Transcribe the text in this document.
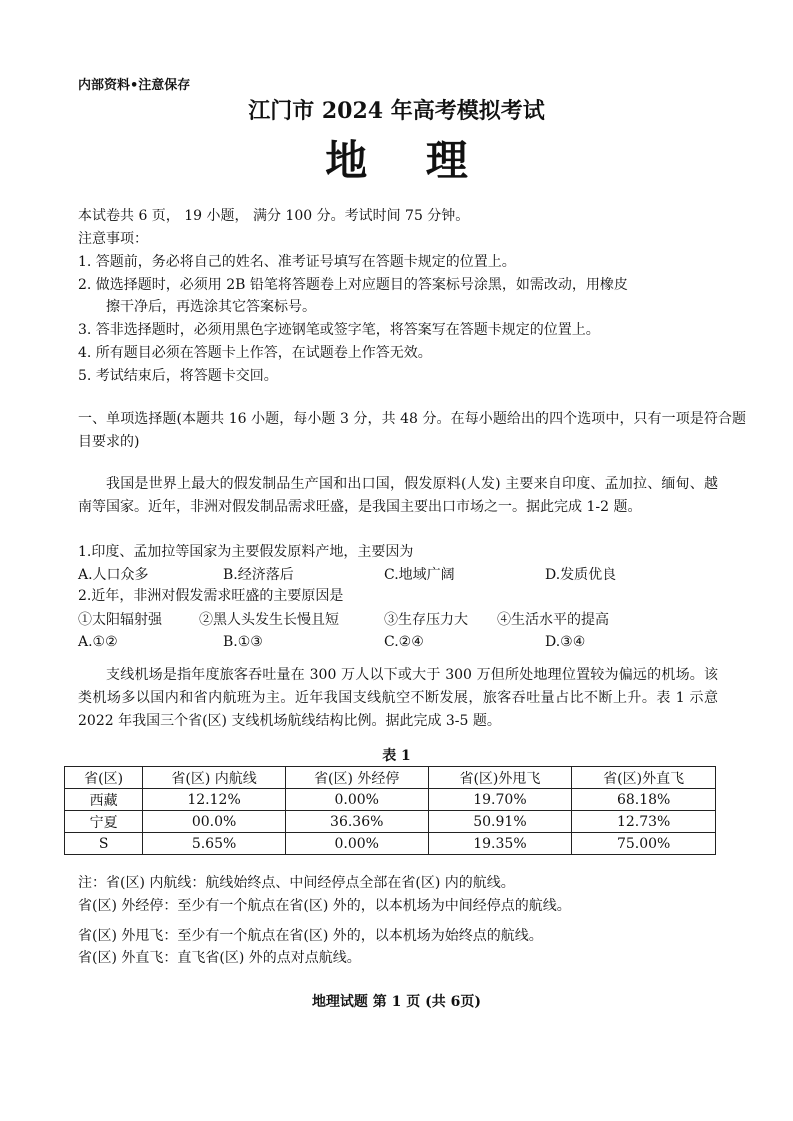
内部资料•注意保存
江门市 2024 年高考模拟考试
地 理
本试卷共 6 页， 19 小题， 满分 100 分。考试时间 75 分钟。
注意事项：
1. 答题前，务必将自己的姓名、准考证号填写在答题卡规定的位置上。
2. 做选择题时，必须用 2B 铅笔将答题卷上对应题目的答案标号涂黑，如需改动，用橡皮
擦干净后，再选涂其它答案标号。
3. 答非选择题时，必须用黑色字迹钢笔或签字笔，将答案写在答题卡规定的位置上。
4. 所有题目必须在答题卡上作答，在试题卷上作答无效。
5. 考试结束后，将答题卡交回。
一、单项选择题(本题共 16 小题，每小题 3 分，共 48 分。在每小题给出的四个选项中，只有一项是符合题目要求的)
我国是世界上最大的假发制品生产国和出口国，假发原料(人发) 主要来自印度、孟加拉、缅甸、越南等国家。近年，非洲对假发制品需求旺盛，是我国主要出口市场之一。据此完成 1-2 题。
1.印度、孟加拉等国家为主要假发原料产地，主要因为
A.人口众多	B.经济落后	C.地域广阔	D.发质优良
2.近年，非洲对假发需求旺盛的主要原因是
①太阳辐射强	②黑人头发生长慢且短	③生存压力大 ④生活水平的提高
A.①②	B.①③	C.②④	D.③④
支线机场是指年度旅客吞吐量在 300 万人以下或大于 300 万但所处地理位置较为偏远的机场。该类机场多以国内和省内航班为主。近年我国支线航空不断发展，旅客吞吐量占比不断上升。表 1 示意 2022 年我国三个省(区) 支线机场航线结构比例。据此完成 3-5 题。
表 1
省(区)	省(区) 内航线	省(区) 外经停	省(区)外甩飞	省(区)外直飞
西藏	12.12%	0.00%	19.70%	68.18%
宁夏	00.0%	36.36%	50.91%	12.73%
S	5.65%	0.00%	19.35%	75.00%
注：省(区) 内航线：航线始终点、中间经停点全部在省(区) 内的航线。
省(区) 外经停：至少有一个航点在省(区) 外的，以本机场为中间经停点的航线。
省(区) 外甩飞：至少有一个航点在省(区) 外的，以本机场为始终点的航线。
省(区) 外直飞：直飞省(区) 外的点对点航线。
地理试题 第 1 页 (共 6页)
